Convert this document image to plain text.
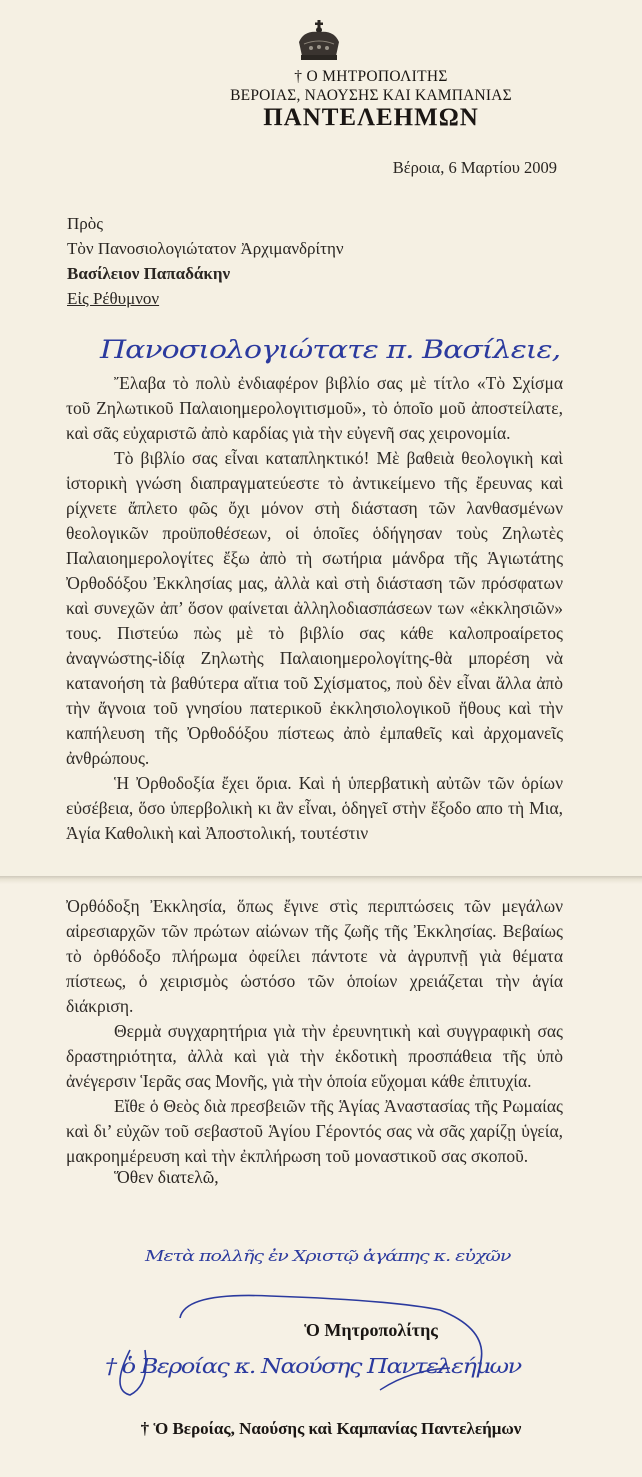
† Ο ΜΗΤΡΟΠΟΛΙΤΗΣ
ΒΕΡΟΙΑΣ, ΝΑΟΥΣΗΣ ΚΑΙ ΚΑΜΠΑΝΙΑΣ
ΠΑΝΤΕΛΕΗΜΩΝ
Βέροια, 6 Μαρτίου 2009
Πρὸς
Τὸν Πανοσιολογιώτατον Ἀρχιμανδρίτην
Βασίλειον Παπαδάκην
Εἰς Ρέθυμνον
Πανοσιολογιώτατε π. Βασίλειε,

Ἔλαβα τὸ πολὺ ἐνδιαφέρον βιβλίο σας μὲ τίτλο «Τὸ Σχίσμα τοῦ Ζηλωτικοῦ Παλαιοημερολογιτισμοῦ», τὸ ὁποῖο μοῦ ἀποστείλατε, καὶ σᾶς εὐχαριστῶ ἀπὸ καρδίας γιὰ τὴν εὐγενῆ σας χειρονομία.

Τὸ βιβλίο σας εἶναι καταπληκτικό! Μὲ βαθειὰ θεολογικὴ καὶ ἱστορικὴ γνώση διαπραγματεύεστε τὸ ἀντικείμενο τῆς ἔρευνας καὶ ρίχνετε ἄπλετο φῶς ὄχι μόνον στὴ διάσταση τῶν λανθασμένων θεολογικῶν προϋποθέσεων, οἱ ὁποῖες ὁδήγησαν τοὺς Ζηλωτὲς Παλαιοημερολογίτες ἔξω ἀπὸ τὴ σωτήρια μάνδρα τῆς Ἁγιωτάτης Ὀρθοδόξου Ἐκκλησίας μας, ἀλλὰ καὶ στὴ διάσταση τῶν πρόσφατων καὶ συνεχῶν ἀπ’ ὅσον φαίνεται ἀλληλοδιασπάσεων των «ἐκκλησιῶν» τους. Πιστεύω πὼς μὲ τὸ βιβλίο σας κάθε καλοπροαίρετος ἀναγνώστης-ἰδίᾳ Ζηλωτὴς Παλαιοημερολογίτης-θὰ μπορέση νὰ κατανοήση τὰ βαθύτερα αἴτια τοῦ Σχίσματος, ποὺ δὲν εἶναι ἄλλα ἀπὸ τὴν ἄγνοια τοῦ γνησίου πατερικοῦ ἐκκλησιολογικοῦ ἤθους καὶ τὴν καπήλευση τῆς Ὀρθοδόξου πίστεως ἀπὸ ἐμπαθεῖς καὶ ἀρχομανεῖς ἀνθρώπους.

Ἡ Ὀρθοδοξία ἔχει ὅρια. Καὶ ἡ ὑπερβατικὴ αὐτῶν τῶν ὁρίων εὐσέβεια, ὅσο ὑπερβολικὴ κι ἂν εἶναι, ὁδηγεῖ στὴν ἔξοδο απο τὴ Μια, Ἁγία Καθολικὴ καὶ Ἀποστολική, τουτέστιν

Ὀρθόδοξη Ἐκκλησία, ὅπως ἔγινε στὶς περιπτώσεις τῶν μεγάλων αἱρεσιαρχῶν τῶν πρώτων αἰώνων τῆς ζωῆς τῆς Ἐκκλησίας. Βεβαίως τὸ ὀρθόδοξο πλήρωμα ὀφείλει πάντοτε νὰ ἀγρυπνῇ γιὰ θέματα πίστεως, ὁ χειρισμὸς ὡστόσο τῶν ὁποίων χρειάζεται τὴν ἁγία διάκριση.

Θερμὰ συγχαρητήρια γιὰ τὴν ἐρευνητικὴ καὶ συγγραφικὴ σας δραστηριότητα, ἀλλὰ καὶ γιὰ τὴν ἐκδοτικὴ προσπάθεια τῆς ὑπὸ ἀνέγερσιν Ἱερᾶς σας Μονῆς, γιὰ τὴν ὁποία εὔχομαι κάθε ἐπιτυχία.

Εἴθε ὁ Θεὸς διὰ πρεσβειῶν τῆς Ἁγίας Ἀναστασίας τῆς Ρωμαίας καὶ δι’ εὐχῶν τοῦ σεβαστοῦ Ἁγίου Γέροντός σας νὰ σᾶς χαρίζῃ ὑγεία, μακροημέρευση καὶ τὴν ἐκπλήρωση τοῦ μοναστικοῦ σας σκοποῦ.

Ὅθεν διατελῶ,
Μετὰ πολλῆς ἐν Χριστῷ ἀγάπης κ. εὐχῶν
Ὁ Μητροπολίτης
† ὁ Βεροίας κ. Ναούσης Παντελεήμων
† Ὁ Βεροίας, Ναούσης καὶ Καμπανίας Παντελεήμων
